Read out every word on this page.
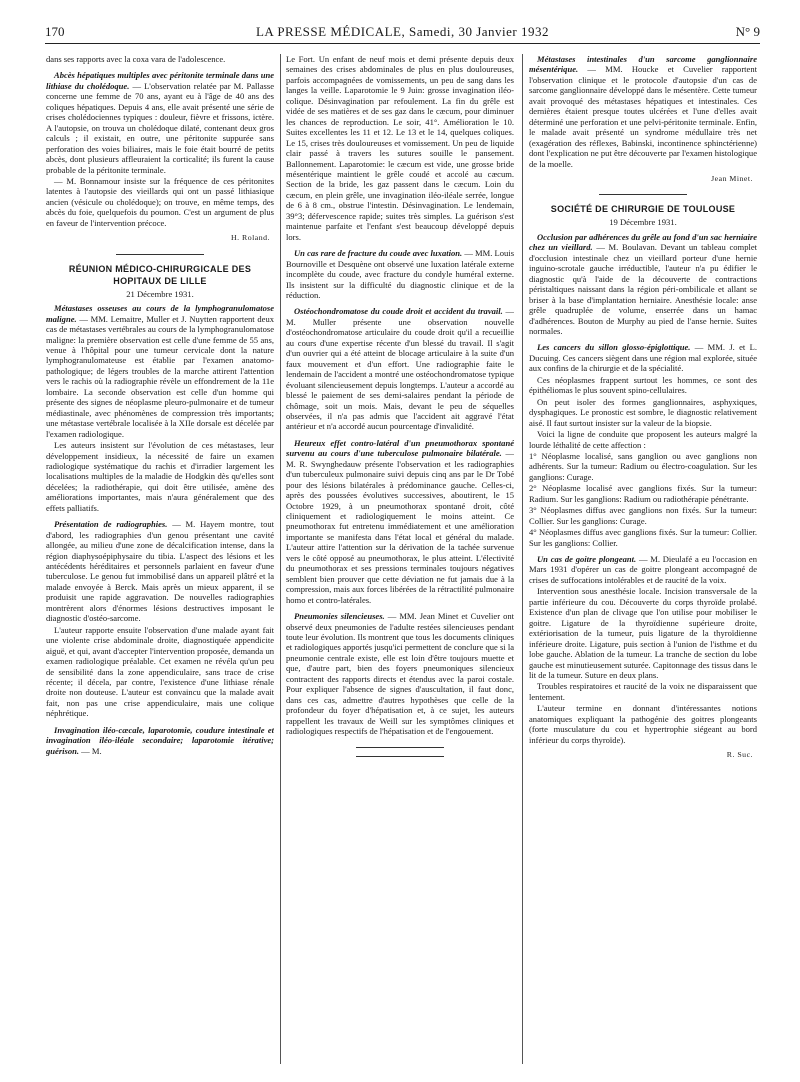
170	LA PRESSE MÉDICALE, Samedi, 30 Janvier 1932	N° 9

dans ses rapports avec la coxa vara de l'adolescence.

Abcès hépatiques multiples avec péritonite terminale dans une lithiase du cholédoque. — L'observation relatée par M. Pallasse concerne une femme de 70 ans, ayant eu à l'âge de 40 ans des coliques hépatiques. Depuis 4 ans, elle avait présenté une série de crises cholédociennes typiques : douleur, fièvre et frissons, ictère. A l'autopsie, on trouva un cholédoque dilaté, contenant deux gros calculs ; il existait, en outre, une péritonite suppurée sans perforation des voies biliaires, mais le foie était bourré de petits abcès, dont plusieurs affleuraient la corticalité; ils furent la cause probable de la péritonite terminale.

— M. Bonnamour insiste sur la fréquence de ces péritonites latentes à l'autopsie des vieillards qui ont un passé lithiasique ancien (vésicule ou cholédoque); on trouve, en même temps, des abcès du foie, quelquefois du poumon. C'est un argument de plus en faveur de l'intervention précoce.

H. Roland.

RÉUNION MÉDICO-CHIRURGICALE DES HOPITAUX DE LILLE

21 Décembre 1931.

Métastases osseuses au cours de la lymphogranulomatose maligne. — MM. Lemaitre, Muller et J. Nuytten rapportent deux cas de métastases vertébrales au cours de la lymphogranulomatose maligne: la première observation est celle d'une femme de 55 ans, venue à l'hôpital pour une tumeur cervicale dont la nature lymphogranulomateuse est établie par l'examen anatomo-pathologique; de légers troubles de la marche attirent l'attention vers le rachis où la radiographie révèle un effondrement de la 11e lombaire. La seconde observation est celle d'un homme qui présente des signes de néoplasme pleuro-pulmonaire et de tumeur médiastinale, avec phénomènes de compression très importants; une métastase vertébrale localisée à la XIIe dorsale est décelée par l'examen radiologique.

Les auteurs insistent sur l'évolution de ces métastases, leur développement insidieux, la nécessité de faire un examen radiologique systématique du rachis et d'irradier largement les localisations multiples de la maladie de Hodgkin dès qu'elles sont décelées; la radiothérapie, qui doit être utilisée, amène des améliorations importantes, mais n'aura généralement que des effets palliatifs.

Présentation de radiographies. — M. Hayem montre, tout d'abord, les radiographies d'un genou présentant une cavité allongée, au milieu d'une zone de décalcification intense, dans la région diaphysoépiphysaire du tibia. L'aspect des lésions et les antécédents héréditaires et personnels parlaient en faveur d'une tuberculose. Le genou fut immobilisé dans un appareil plâtré et la malade envoyée à Berck. Mais après un mieux apparent, il se produisit une rapide aggravation. De nouvelles radiographies montrèrent alors d'énormes lésions destructives imposant le diagnostic d'ostéo-sarcome.

L'auteur rapporte ensuite l'observation d'une malade ayant fait une violente crise abdominale droite, diagnostiquée appendicite aiguë, et qui, avant d'accepter l'intervention proposée, demanda un examen radiologique préalable. Cet examen ne révéla qu'un peu de sensibilité dans la zone appendiculaire, sans trace de crise récente; il décela, par contre, l'existence d'une lithiase rénale droite non douteuse. L'auteur est convaincu que la malade avait fait, non pas une crise appendiculaire, mais une colique néphrétique.

Invagination iléo-cæcale, laparotomie, coudure intestinale et invagination iléo-iléale secondaire; laparotomie itérative; guérison. — M.

Le Fort. Un enfant de neuf mois et demi présente depuis deux semaines des crises abdominales de plus en plus douloureuses, parfois accompagnées de vomissements, un peu de sang dans les langes la veille. Laparotomie le 9 Juin: grosse invagination iléo-colique. Désinvagination par refoulement. La fin du grêle est vidée de ses matières et de ses gaz dans le cæcum, pour diminuer les chances de reproduction. Le soir, 41°. Amélioration le 10. Suites excellentes les 11 et 12. Le 13 et le 14, quelques coliques. Le 15, crises très douloureuses et vomissement. Un peu de liquide clair passé à travers les sutures souille le pansement. Ballonnement. Laparotomie: le cæcum est vide, une grosse bride mésentérique maintient le grêle coudé et accolé au cæcum. Section de la bride, les gaz passent dans le cæcum. Loin du cæcum, en plein grêle, une invagination iléo-iléale serrée, longue de 6 à 8 cm., obstrue l'intestin. Désinvagination. Le lendemain, 39°3; défervescence rapide; suites très simples. La guérison s'est maintenue parfaite et l'enfant s'est beaucoup développé depuis lors.

Un cas rare de fracture du coude avec luxation. — MM. Louis Bournoville et Desquène ont observé une luxation latérale externe incomplète du coude, avec fracture du condyle huméral externe. Ils insistent sur la difficulté du diagnostic clinique et de la réduction.

Ostéochondromatose du coude droit et accident du travail. — M. Muller présente une observation nouvelle d'ostéochondromatose articulaire du coude droit qu'il a recueillie au cours d'une expertise récente d'un blessé du travail. Il s'agit d'un ouvrier qui a été atteint de blocage articulaire à la suite d'un faux mouvement et d'un effort. Une radiographie faite le lendemain de l'accident a montré une ostéochondromatose typique évoluant silencieusement depuis longtemps. L'auteur a accordé au blessé le paiement de ses demi-salaires pendant la période de chômage, soit un mois. Mais, devant le peu de séquelles observées, il n'a pas admis que l'accident ait aggravé l'état antérieur et n'a accordé aucun pourcentage d'invalidité.

Heureux effet contro-latéral d'un pneumothorax spontané survenu au cours d'une tuberculose pulmonaire bilatérale. — M. R. Swynghedauw présente l'observation et les radiographies d'un tuberculeux pulmonaire suivi depuis cinq ans par le Dr Tobé pour des lésions bilatérales à prédominance gauche. Celles-ci, après des poussées évolutives successives, aboutirent, le 15 Octobre 1929, à un pneumothorax spontané droit, côté cliniquement et radiologiquement le moins atteint. Ce pneumothorax fut entretenu immédiatement et une amélioration importante se manifesta dans l'état local et général du malade. L'auteur attire l'attention sur la dérivation de la tachée survenue vers le côté opposé au pneumothorax, le plus atteint. L'électivité du pneumothorax et ses pressions terminales toujours négatives semblent bien prouver que cette déviation ne fut jamais due à la compression, mais aux forces libérées de la rétractilité pulmonaire homo et contro-latérales.

Pneumonies silencieuses. — MM. Jean Minet et Cuvelier ont observé deux pneumonies de l'adulte restées silencieuses pendant toute leur évolution. Ils montrent que tous les documents cliniques et radiologiques apportés jusqu'ici permettent de conclure que si la pneumonie centrale existe, elle est loin d'être toujours muette et que, d'autre part, bien des foyers pneumoniques silencieux contractent des rapports directs et étendus avec la paroi costale. Pour expliquer l'absence de signes d'auscultation, il faut donc, dans ces cas, admettre d'autres hypothèses que celle de la profondeur du foyer d'hépatisation et, à ce sujet, les auteurs rappellent les travaux de Weill sur les symptômes cliniques et radiologiques respectifs de l'hépatisation et de l'engouement.

Métastases intestinales d'un sarcome ganglionnaire mésentérique. — MM. Houcke et Cuvelier rapportent l'observation clinique et le protocole d'autopsie d'un cas de sarcome ganglionnaire développé dans le mésentère. Cette tumeur avait provoqué des métastases hépatiques et intestinales. Ces dernières étaient presque toutes ulcérées et l'une d'elles avait déterminé une perforation et une pelvi-péritonite terminale. Enfin, le malade avait présenté un syndrome médullaire très net (exagération des réflexes, Babinski, incontinence sphinctérienne) dont l'explication ne put être découverte par l'examen histologique de la moelle.

Jean Minet.

SOCIÉTÉ DE CHIRURGIE DE TOULOUSE

19 Décembre 1931.

Occlusion par adhérences du grêle au fond d'un sac herniaire chez un vieillard. — M. Boulavan. Devant un tableau complet d'occlusion intestinale chez un vieillard porteur d'une hernie inguino-scrotale gauche irréductible, l'auteur n'a pu édifier le diagnostic qu'à l'aide de la découverte de contractions péristaltiques naissant dans la région péri-ombilicale et allant se briser à la base d'implantation herniaire. Anesthésie locale: anse grêle quadruplée de volume, enserrée dans un hamac d'adhérences. Bouton de Murphy au pied de l'anse hernie. Suites normales.

Les cancers du sillon glosso-épiglottique. — MM. J. et L. Ducuing. Ces cancers siègent dans une région mal explorée, située aux confins de la chirurgie et de la spécialité.

Ces néoplasmes frappent surtout les hommes, ce sont des épithéliomas le plus souvent spino-cellulaires.

On peut isoler des formes ganglionnaires, asphyxiques, dysphagiques. Le pronostic est sombre, le diagnostic relativement aisé. Il faut surtout insister sur la valeur de la biopsie.

Voici la ligne de conduite que proposent les auteurs malgré la lourde léthalité de cette affection :

1° Néoplasme localisé, sans ganglion ou avec ganglions non adhérents. Sur la tumeur: Radium ou électro-coagulation. Sur les ganglions: Curage.

2° Néoplasme localisé avec ganglions fixés. Sur la tumeur: Radium. Sur les ganglions: Radium ou radiothérapie pénétrante.

3° Néoplasmes diffus avec ganglions non fixés. Sur la tumeur: Collier. Sur les ganglions: Curage.

4° Néoplasmes diffus avec ganglions fixés. Sur la tumeur: Collier. Sur les ganglions: Collier.

Un cas de goitre plongeant. — M. Dieulafé a eu l'occasion en Mars 1931 d'opérer un cas de goitre plongeant accompagné de crises de suffocations intolérables et de raucité de la voix.

Intervention sous anesthésie locale. Incision transversale de la partie inférieure du cou. Découverte du corps thyroïde prolabé. Existence d'un plan de clivage que l'on utilise pour mobiliser le goitre. Ligature de la thyroïdienne supérieure droite, extériorisation de la tumeur, puis ligature de la thyroïdienne inférieure droite. Ligature, puis section à l'union de l'isthme et du lobe gauche. Ablation de la tumeur. La tranche de section du lobe gauche est minutieusement suturée. Capitonnage des tissus dans le lit de la tumeur. Suture en deux plans.

Troubles respiratoires et raucité de la voix ne disparaissent que lentement.

L'auteur termine en donnant d'intéressantes notions anatomiques expliquant la pathogénie des goitres plongeants (forte musculature du cou et hypertrophie siégeant au bord inférieur du corps thyroïde).

R. Suc.
